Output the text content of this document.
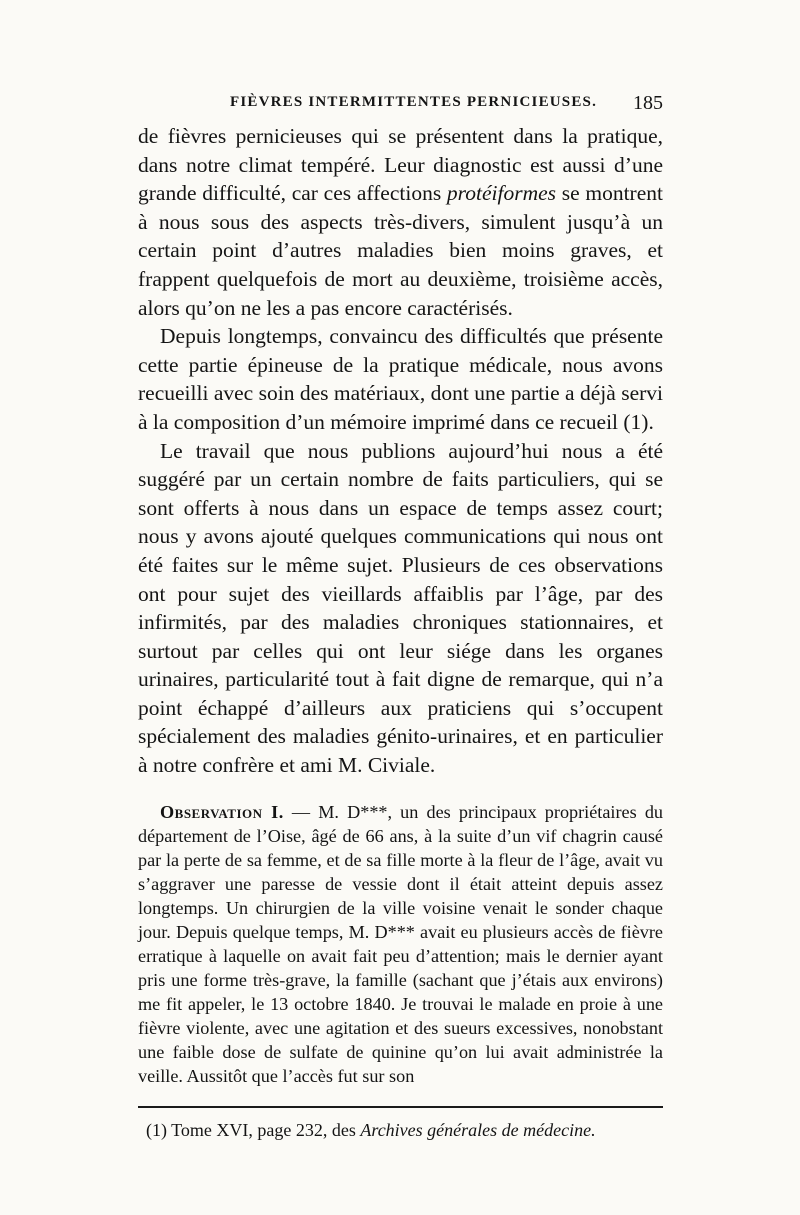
FIÈVRES INTERMITTENTES PERNICIEUSES. 185

de fièvres pernicieuses qui se présentent dans la pratique, dans notre climat tempéré. Leur diagnostic est aussi d’une grande difficulté, car ces affections protéiformes se montrent à nous sous des aspects très-divers, simulent jusqu’à un certain point d’autres maladies bien moins graves, et frappent quelquefois de mort au deuxième, troisième accès, alors qu’on ne les a pas encore caractérisés.

Depuis longtemps, convaincu des difficultés que présente cette partie épineuse de la pratique médicale, nous avons recueilli avec soin des matériaux, dont une partie a déjà servi à la composition d’un mémoire imprimé dans ce recueil (1).

Le travail que nous publions aujourd’hui nous a été suggéré par un certain nombre de faits particuliers, qui se sont offerts à nous dans un espace de temps assez court; nous y avons ajouté quelques communications qui nous ont été faites sur le même sujet. Plusieurs de ces observations ont pour sujet des vieillards affaiblis par l’âge, par des infirmités, par des maladies chroniques stationnaires, et surtout par celles qui ont leur siége dans les organes urinaires, particularité tout à fait digne de remarque, qui n’a point échappé d’ailleurs aux praticiens qui s’occupent spécialement des maladies génito-urinaires, et en particulier à notre confrère et ami M. Civiale.

Observation I. — M. D***, un des principaux propriétaires du département de l’Oise, âgé de 66 ans, à la suite d’un vif chagrin causé par la perte de sa femme, et de sa fille morte à la fleur de l’âge, avait vu s’aggraver une paresse de vessie dont il était atteint depuis assez longtemps. Un chirurgien de la ville voisine venait le sonder chaque jour. Depuis quelque temps, M. D*** avait eu plusieurs accès de fièvre erratique à laquelle on avait fait peu d’attention; mais le dernier ayant pris une forme très-grave, la famille (sachant que j’étais aux environs) me fit appeler, le 13 octobre 1840. Je trouvai le malade en proie à une fièvre violente, avec une agitation et des sueurs excessives, nonobstant une faible dose de sulfate de quinine qu’on lui avait administrée la veille. Aussitôt que l’accès fut sur son

(1) Tome XVI, page 232, des Archives générales de médecine.
